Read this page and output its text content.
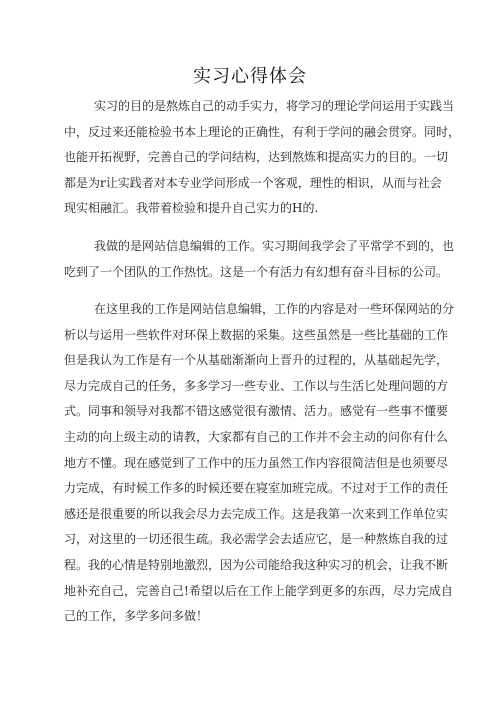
实习心得体会
实习的目的是熬炼自己的动手实力，将学习的理论学问运用于实践当
中，反过来还能检验书本上理论的正确性，有利于学问的融会贯穿。同时，
也能开拓视野，完善自己的学问结构，达到熬炼和提高实力的目的。一切
都是为r让实践者对本专业学问形成一个客观，理性的相识，从而与社会
现实相融汇。我带着检验和提升自己实力的H的.
我做的是网站信息编辑的工作。实习期间我学会了平常学不到的，也
吃到了一个团队的工作热忱。这是一个有活力有幻想有奋斗目标的公司。
在这里我的工作是网站信息编辑，工作的内容是对一些环保网站的分
析以与运用一些软件对环保上数据的采集。这些虽然是一些比基础的工作
但是我认为工作是有一个从基础渐渐向上晋升的过程的，从基础起先学，
尽力完成自己的任务，多多学习一些专业、工作以与生活匕处理问题的方
式。同事和领导对我都不错这感觉很有激情、活力。感觉有一些事不懂要
主动的向上级主动的请教，大家都有自己的工作并不会主动的问你有什么
地方不懂。现在感觉到了工作中的压力虽然工作内容很简洁但是也须要尽
力完成，有时候工作多的时候还要在寝室加班完成。不过对于工作的责任
感还是很重要的所以我会尽力去完成工作。这是我第一次来到工作单位实
习，对这里的一切还很生疏。我必需学会去适应它，是一种熬炼自我的过
程。我的心情是特别地激烈，因为公司能给我这种实习的机会，让我不断
地补充自己，完善自己!希望以后在工作上能学到更多的东西，尽力完成自
己的工作，多学多问多做！
